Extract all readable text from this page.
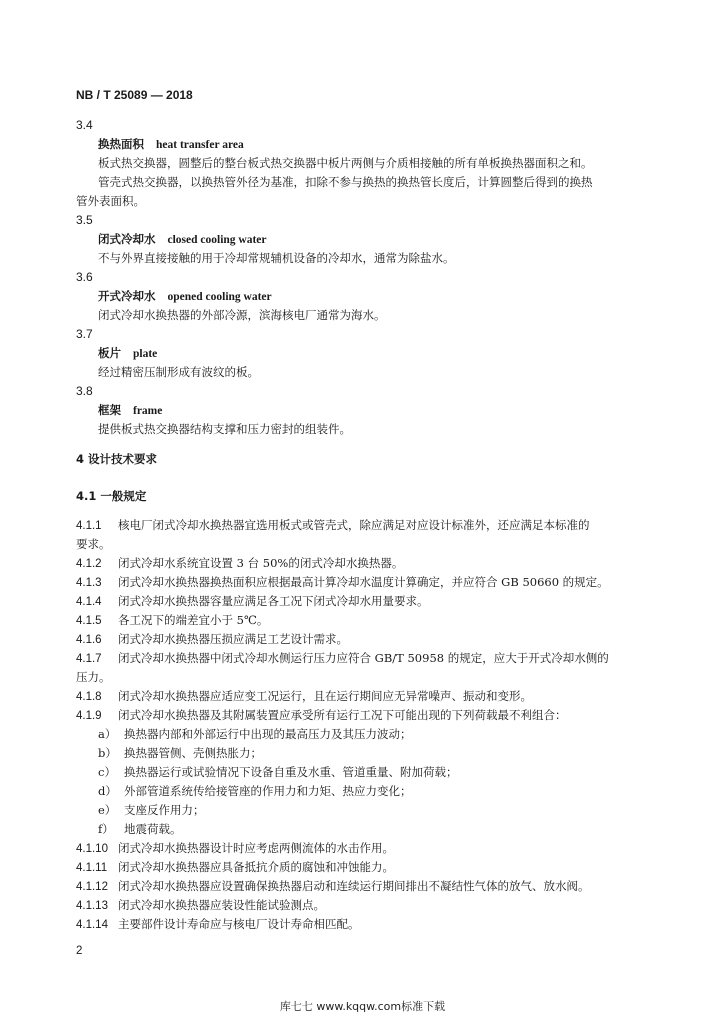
NB / T 25089 — 2018
3.4
换热面积 heat transfer area
板式热交换器，圆整后的整台板式热交换器中板片两侧与介质相接触的所有单板换热器面积之和。
管壳式热交换器，以换热管外径为基准，扣除不参与换热的换热管长度后，计算圆整后得到的换热
管外表面积。
3.5
闭式冷却水 closed cooling water
不与外界直接接触的用于冷却常规辅机设备的冷却水，通常为除盐水。
3.6
开式冷却水 opened cooling water
闭式冷却水换热器的外部冷源，滨海核电厂通常为海水。
3.7
板片 plate
经过精密压制形成有波纹的板。
3.8
框架 frame
提供板式热交换器结构支撑和压力密封的组装件。
4 设计技术要求
4.1 一般规定
4.1.1 核电厂闭式冷却水换热器宜选用板式或管壳式，除应满足对应设计标准外，还应满足本标准的
要求。
4.1.2 闭式冷却水系统宜设置 3 台 50%的闭式冷却水换热器。
4.1.3 闭式冷却水换热器换热面积应根据最高计算冷却水温度计算确定，并应符合 GB 50660 的规定。
4.1.4 闭式冷却水换热器容量应满足各工况下闭式冷却水用量要求。
4.1.5 各工况下的端差宜小于 5℃。
4.1.6 闭式冷却水换热器压损应满足工艺设计需求。
4.1.7 闭式冷却水换热器中闭式冷却水侧运行压力应符合 GB/T 50958 的规定，应大于开式冷却水侧的
压力。
4.1.8 闭式冷却水换热器应适应变工况运行，且在运行期间应无异常噪声、振动和变形。
4.1.9 闭式冷却水换热器及其附属装置应承受所有运行工况下可能出现的下列荷载最不利组合：
a） 换热器内部和外部运行中出现的最高压力及其压力波动；
b） 换热器管侧、壳侧热胀力；
c） 换热器运行或试验情况下设备自重及水重、管道重量、附加荷载；
d） 外部管道系统传给接管座的作用力和力矩、热应力变化；
e） 支座反作用力；
f） 地震荷载。
4.1.10 闭式冷却水换热器设计时应考虑两侧流体的水击作用。
4.1.11 闭式冷却水换热器应具备抵抗介质的腐蚀和冲蚀能力。
4.1.12 闭式冷却水换热器应设置确保换热器启动和连续运行期间排出不凝结性气体的放气、放水阀。
4.1.13 闭式冷却水换热器应装设性能试验测点。
4.1.14 主要部件设计寿命应与核电厂设计寿命相匹配。
2
库七七 www.kqqw.com标准下载
